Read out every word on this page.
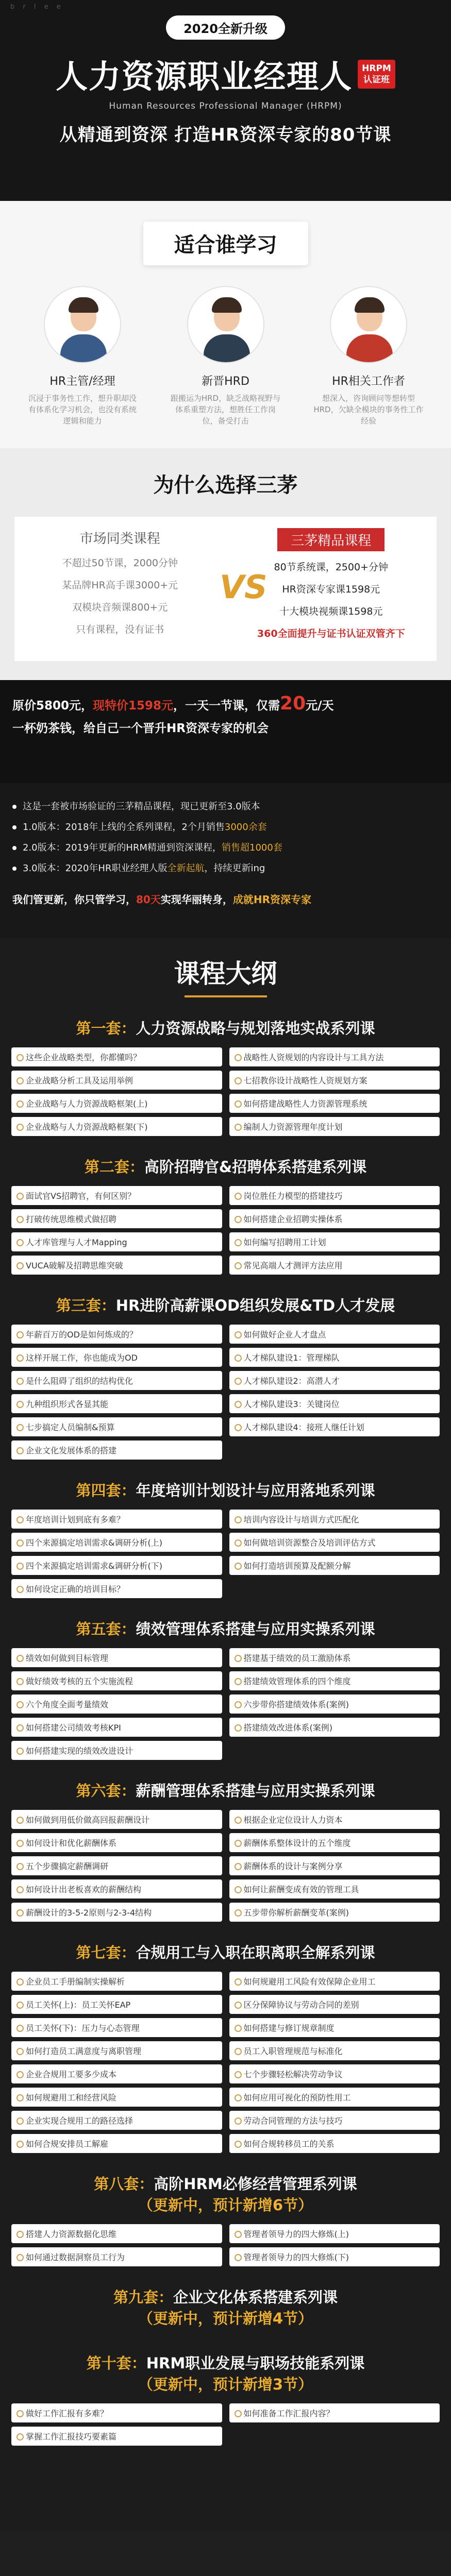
b r l e e
2020全新升级
人力资源职业经理人 HRPM
认证班
Human Resources Professional Manager (HRPM)
从精通到资深 打造HR资深专家的80节课
适合谁学习
HR主管/经理
沉浸于事务性工作，想升职却没有体系化学习机会，也没有系统逻辑和能力
新晋HRD
跟搬运为HRD，缺乏战略视野与体系重塑方法，想胜任工作岗位，备受打击
HR相关工作者
想深入，咨询顾问等想转型HRD，欠缺全模块的事务性工作经验
为什么选择三茅
市场同类课程
不超过50节课，2000分钟
某品牌HR高手课3000+元
双模块音频课800+元
只有课程，没有证书
VS
三茅精品课程
80节系统课，2500+分钟
HR资深专家课1598元
十大模块视频课1598元
360全面提升与证书认证双管齐下
原价5800元，现特价1598元，一天一节课，仅需20元/天
一杯奶茶钱，给自己一个晋升HR资深专家的机会
这是一套被市场验证的三茅精品课程，现已更新至3.0版本
1.0版本：2018年上线的全系列课程，2个月销售3000余套
2.0版本：2019年更新的HRM精通到资深课程，销售超1000套
3.0版本：2020年HR职业经理人版全新起航，持续更新ing
我们管更新，你只管学习，80天实现华丽转身，成就HR资深专家
课程大纲
第一套：人力资源战略与规划落地实战系列课
这些企业战略类型，你都懂吗？	战略性人资规划的内容设计与工具方法
企业战略分析工具及运用举例	七招教你设计战略性人资规划方案
企业战略与人力资源战略框架(上)	如何搭建战略性人力资源管理系统
企业战略与人力资源战略框架(下)	编制人力资源管理年度计划
第二套：高阶招聘官&招聘体系搭建系列课
面试官VS招聘官，有何区别？	岗位胜任力模型的搭建技巧
打破传统思维模式做招聘	如何搭建企业招聘实操体系
人才库管理与人才Mapping	如何编写招聘用工计划
VUCA破解及招聘思维突破	常见高端人才测评方法应用
第三套：HR进阶高薪课OD组织发展&TD人才发展
年薪百万的OD是如何炼成的？	如何做好企业人才盘点
这样开展工作，你也能成为OD	人才梯队建设1：管理梯队
是什么阻碍了组织的结构优化	人才梯队建设2：高潜人才
九种组织形式各显其能	人才梯队建设3：关键岗位
七步搞定人员编制&预算	人才梯队建设4：接班人继任计划
企业文化发展体系的搭建
第四套：年度培训计划设计与应用落地系列课
年度培训计划到底有多难？	培训内容设计与培训方式匹配化
四个来源搞定培训需求&调研分析(上)	如何做培训资源整合及培训评估方式
四个来源搞定培训需求&调研分析(下)	如何打造培训预算及配额分解
如何设定正确的培训目标？
第五套：绩效管理体系搭建与应用实操系列课
绩效如何做到目标管理	搭建基于绩效的员工激励体系
做好绩效考核的五个实施流程	搭建绩效管理体系的四个维度
六个角度全面考量绩效	六步带你搭建绩效体系(案例)
如何搭建公司绩效考核KPI	搭建绩效改进体系(案例)
如何搭建实现的绩效改进设计
第六套：薪酬管理体系搭建与应用实操系列课
如何做到用低价做高回报薪酬设计	根据企业定位设计人力资本
如何设计和优化薪酬体系	薪酬体系整体设计的五个维度
五个步骤搞定薪酬调研	薪酬体系的设计与案例分享
如何设计出老板喜欢的薪酬结构	如何让薪酬变成有效的管理工具
薪酬设计的3-5-2原则与2-3-4结构	五步带你解析薪酬变革(案例)
第七套：合规用工与入职在职离职全解系列课
企业员工手册编制实操解析	如何规避用工风险有效保障企业用工
员工关怀(上)：员工关怀EAP	区分保障协议与劳动合同的差别
员工关怀(下)：压力与心态管理	如何搭建与修订规章制度
如何打造员工满意度与离职管理	员工入职管理规范与标准化
企业合规用工要多少成本	七个步骤轻松解决劳动争议
如何规避用工和经营风险	如何应用可视化的预防性用工
企业实现合规用工的路径选择	劳动合同管理的方法与技巧
如何合规安排员工解雇	如何合规转移员工的关系
第八套：高阶HRM必修经营管理系列课
（更新中，预计新增6节）
搭建人力资源数据化思维	管理者领导力的四大修炼(上)
如何通过数据洞察员工行为	管理者领导力的四大修炼(下)
第九套：企业文化体系搭建系列课
（更新中，预计新增4节）
第十套：HRM职业发展与职场技能系列课
（更新中，预计新增3节）
做好工作汇报有多难？	如何准备工作汇报内容？
掌握工作汇报技巧要素篇
